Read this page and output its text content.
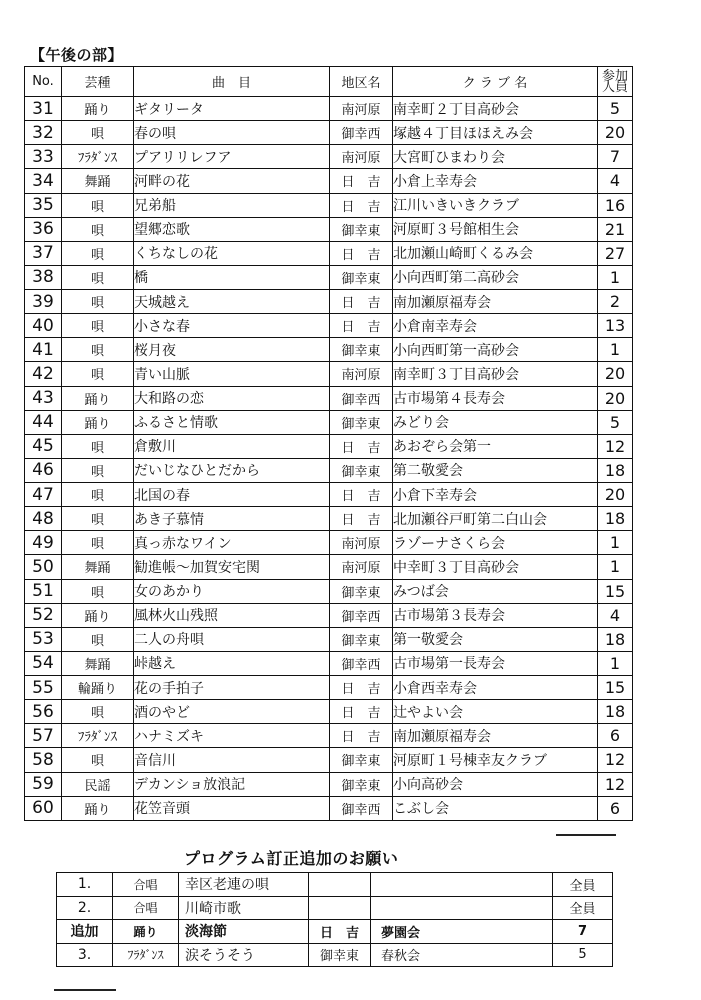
【午後の部】
No.	芸種	曲　目	地区名	ク ラ ブ 名	参加
人員
31	踊り	ギタリータ	南河原	南幸町２丁目高砂会	5
32	唄	春の唄	御幸西	塚越４丁目ほほえみ会	20
33	ﾌﾗﾀﾞﾝｽ	プアリリレフア	南河原	大宮町ひまわり会	7
34	舞踊	河畔の花	日　吉	小倉上幸寿会	4
35	唄	兄弟船	日　吉	江川いきいきクラブ	16
36	唄	望郷恋歌	御幸東	河原町３号館相生会	21
37	唄	くちなしの花	日　吉	北加瀬山崎町くるみ会	27
38	唄	橋	御幸東	小向西町第二高砂会	1
39	唄	天城越え	日　吉	南加瀬原福寿会	2
40	唄	小さな春	日　吉	小倉南幸寿会	13
41	唄	桜月夜	御幸東	小向西町第一高砂会	1
42	唄	青い山脈	南河原	南幸町３丁目高砂会	20
43	踊り	大和路の恋	御幸西	古市場第４長寿会	20
44	踊り	ふるさと情歌	御幸東	みどり会	5
45	唄	倉敷川	日　吉	あおぞら会第一	12
46	唄	だいじなひとだから	御幸東	第二敬愛会	18
47	唄	北国の春	日　吉	小倉下幸寿会	20
48	唄	あき子慕情	日　吉	北加瀬谷戸町第二白山会	18
49	唄	真っ赤なワイン	南河原	ラゾーナさくら会	1
50	舞踊	勧進帳～加賀安宅関	南河原	中幸町３丁目高砂会	1
51	唄	女のあかり	御幸東	みつば会	15
52	踊り	風林火山残照	御幸西	古市場第３長寿会	4
53	唄	二人の舟唄	御幸東	第一敬愛会	18
54	舞踊	峠越え	御幸西	古市場第一長寿会	1
55	輪踊り	花の手拍子	日　吉	小倉西幸寿会	15
56	唄	酒のやど	日　吉	辻やよい会	18
57	ﾌﾗﾀﾞﾝｽ	ハナミズキ	日　吉	南加瀬原福寿会	6
58	唄	音信川	御幸東	河原町１号棟幸友クラブ	12
59	民謡	デカンショ放浪記	御幸東	小向高砂会	12
60	踊り	花笠音頭	御幸西	こぶし会	6
プログラム訂正追加のお願い
1.	合唱	幸区老連の唄			全員
2.	合唱	川崎市歌			全員
追加	踊り	淡海節	日　吉	夢園会	7
3.	ﾌﾗﾀﾞﾝｽ	涙そうそう	御幸東	春秋会	5
